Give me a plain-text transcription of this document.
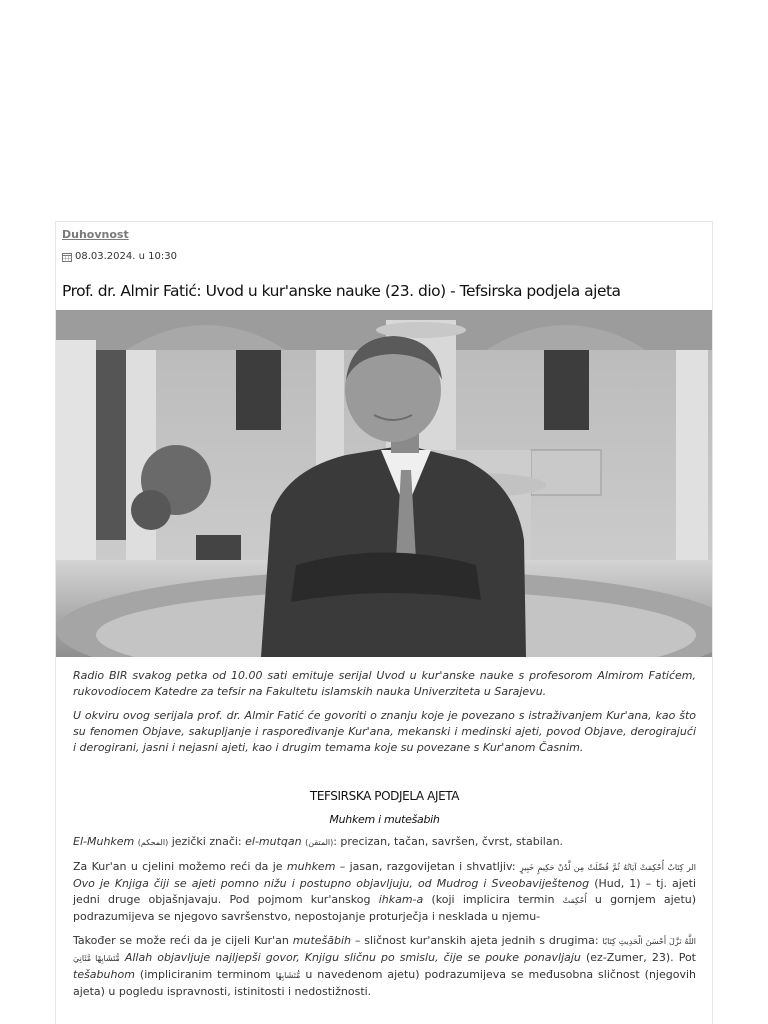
Duhovnost
08.03.2024. u 10:30
Prof. dr. Almir Fatić: Uvod u kur'anske nauke (23. dio) - Tefsirska podjela ajeta

Radio BIR svakog petka od 10.00 sati emituje serijal Uvod u kur'anske nauke s profesorom Almirom Fatićem, rukovodiocem Katedre za tefsir na Fakultetu islamskih nauka Univerziteta u Sarajevu.

U okviru ovog serijala prof. dr. Almir Fatić će govoriti o znanju koje je povezano s istraživanjem Kur'ana, kao što su fenomen Objave, sakupljanje i raspoređivanje Kur'ana, mekanski i medinski ajeti, povod Objave, derogirajući i derogirani, jasni i nejasni ajeti, kao i drugim temama koje su povezane s Kur'anom Časnim.

TEFSIRSKA PODJELA AJETA
Muhkem i mutešabih

El-Muhkem (المحكم) jezički znači: el-mutqan (المتقن): precizan, tačan, savršen, čvrst, stabilan.

Za Kur'an u cjelini možemo reći da je muhkem – jasan, razgovijetan i shvatljiv: الر كِتَابٌ أُحْكِمَتْ آيَاتُهُ ثُمَّ فُصِّلَتْ مِن لَّدُنْ حَكِيمٍ خَبِيرٍ Ovo je Knjiga čiji se ajeti pomno nižu i postupno objavljuju, od Mudrog i Sveobaviještenog (Hud, 1) – tj. ajeti jedni druge objašnjavaju. Pod pojmom kur'anskog ihkam-a (koji implicira termin أُحْكِمَتْ u gornjem ajetu) podrazumijeva se njegovo savršenstvo, nepostojanje proturječja i nesklada u njemu-

Također se može reći da je cijeli Kur'an mutešābih – sličnost kur'anskih ajeta jednih s drugima: اللَّهُ نَزَّلَ أَحْسَنَ الْحَدِيثِ كِتَابًا مُّتَشَابِهًا مَّثَانِيَ Allah objavljuje najljepši govor, Knjigu sličnu po smislu, čije se pouke ponavljaju (ez-Zumer, 23). Pot tešabuhom (impliciranim terminom مُّتَشَابِهًا u navedenom ajetu) podrazumijeva se međusobna sličnost (njegovih ajeta) u pogledu ispravnosti, istinitosti i nedostižnosti.
